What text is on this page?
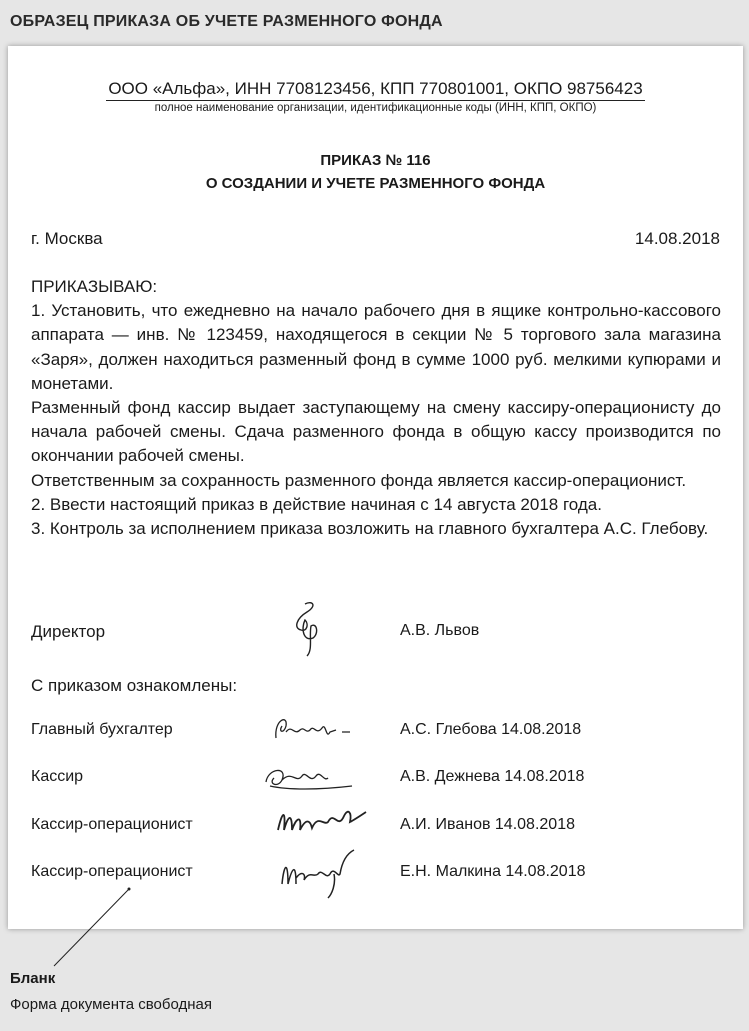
ОБРАЗЕЦ ПРИКАЗА ОБ УЧЕТЕ РАЗМЕННОГО ФОНДА
ООО «Альфа», ИНН 7708123456, КПП 770801001, ОКПО 98756423
полное наименование организации, идентификационные коды (ИНН, КПП, ОКПО)
ПРИКАЗ № 116
О СОЗДАНИИ И УЧЕТЕ РАЗМЕННОГО ФОНДА
г. Москва	14.08.2018

ПРИКАЗЫВАЮ:

1. Установить, что ежедневно на начало рабочего дня в ящике контрольно-кассового аппарата — инв. № 123459, находящегося в секции № 5 торгового зала магазина «Заря», должен находиться разменный фонд в сумме 1000 руб. мелкими купюрами и монетами.

Разменный фонд кассир выдает заступающему на смену кассиру-операционисту до начала рабочей смены. Сдача разменного фонда в общую кассу производится по окончании рабочей смены.

Ответственным за сохранность разменного фонда является кассир-операционист.

2. Ввести настоящий приказ в действие начиная с 14 августа 2018 года.

3. Контроль за исполнением приказа возложить на главного бухгалтера А.С. Глебову.

Директор	А.В. Львов
С приказом ознакомлены:
Главный бухгалтер	А.С. Глебова 14.08.2018
Кассир	А.В. Дежнева 14.08.2018
Кассир-операционист	А.И. Иванов 14.08.2018
Кассир-операционист	Е.Н. Малкина 14.08.2018
Бланк
Форма документа свободная
